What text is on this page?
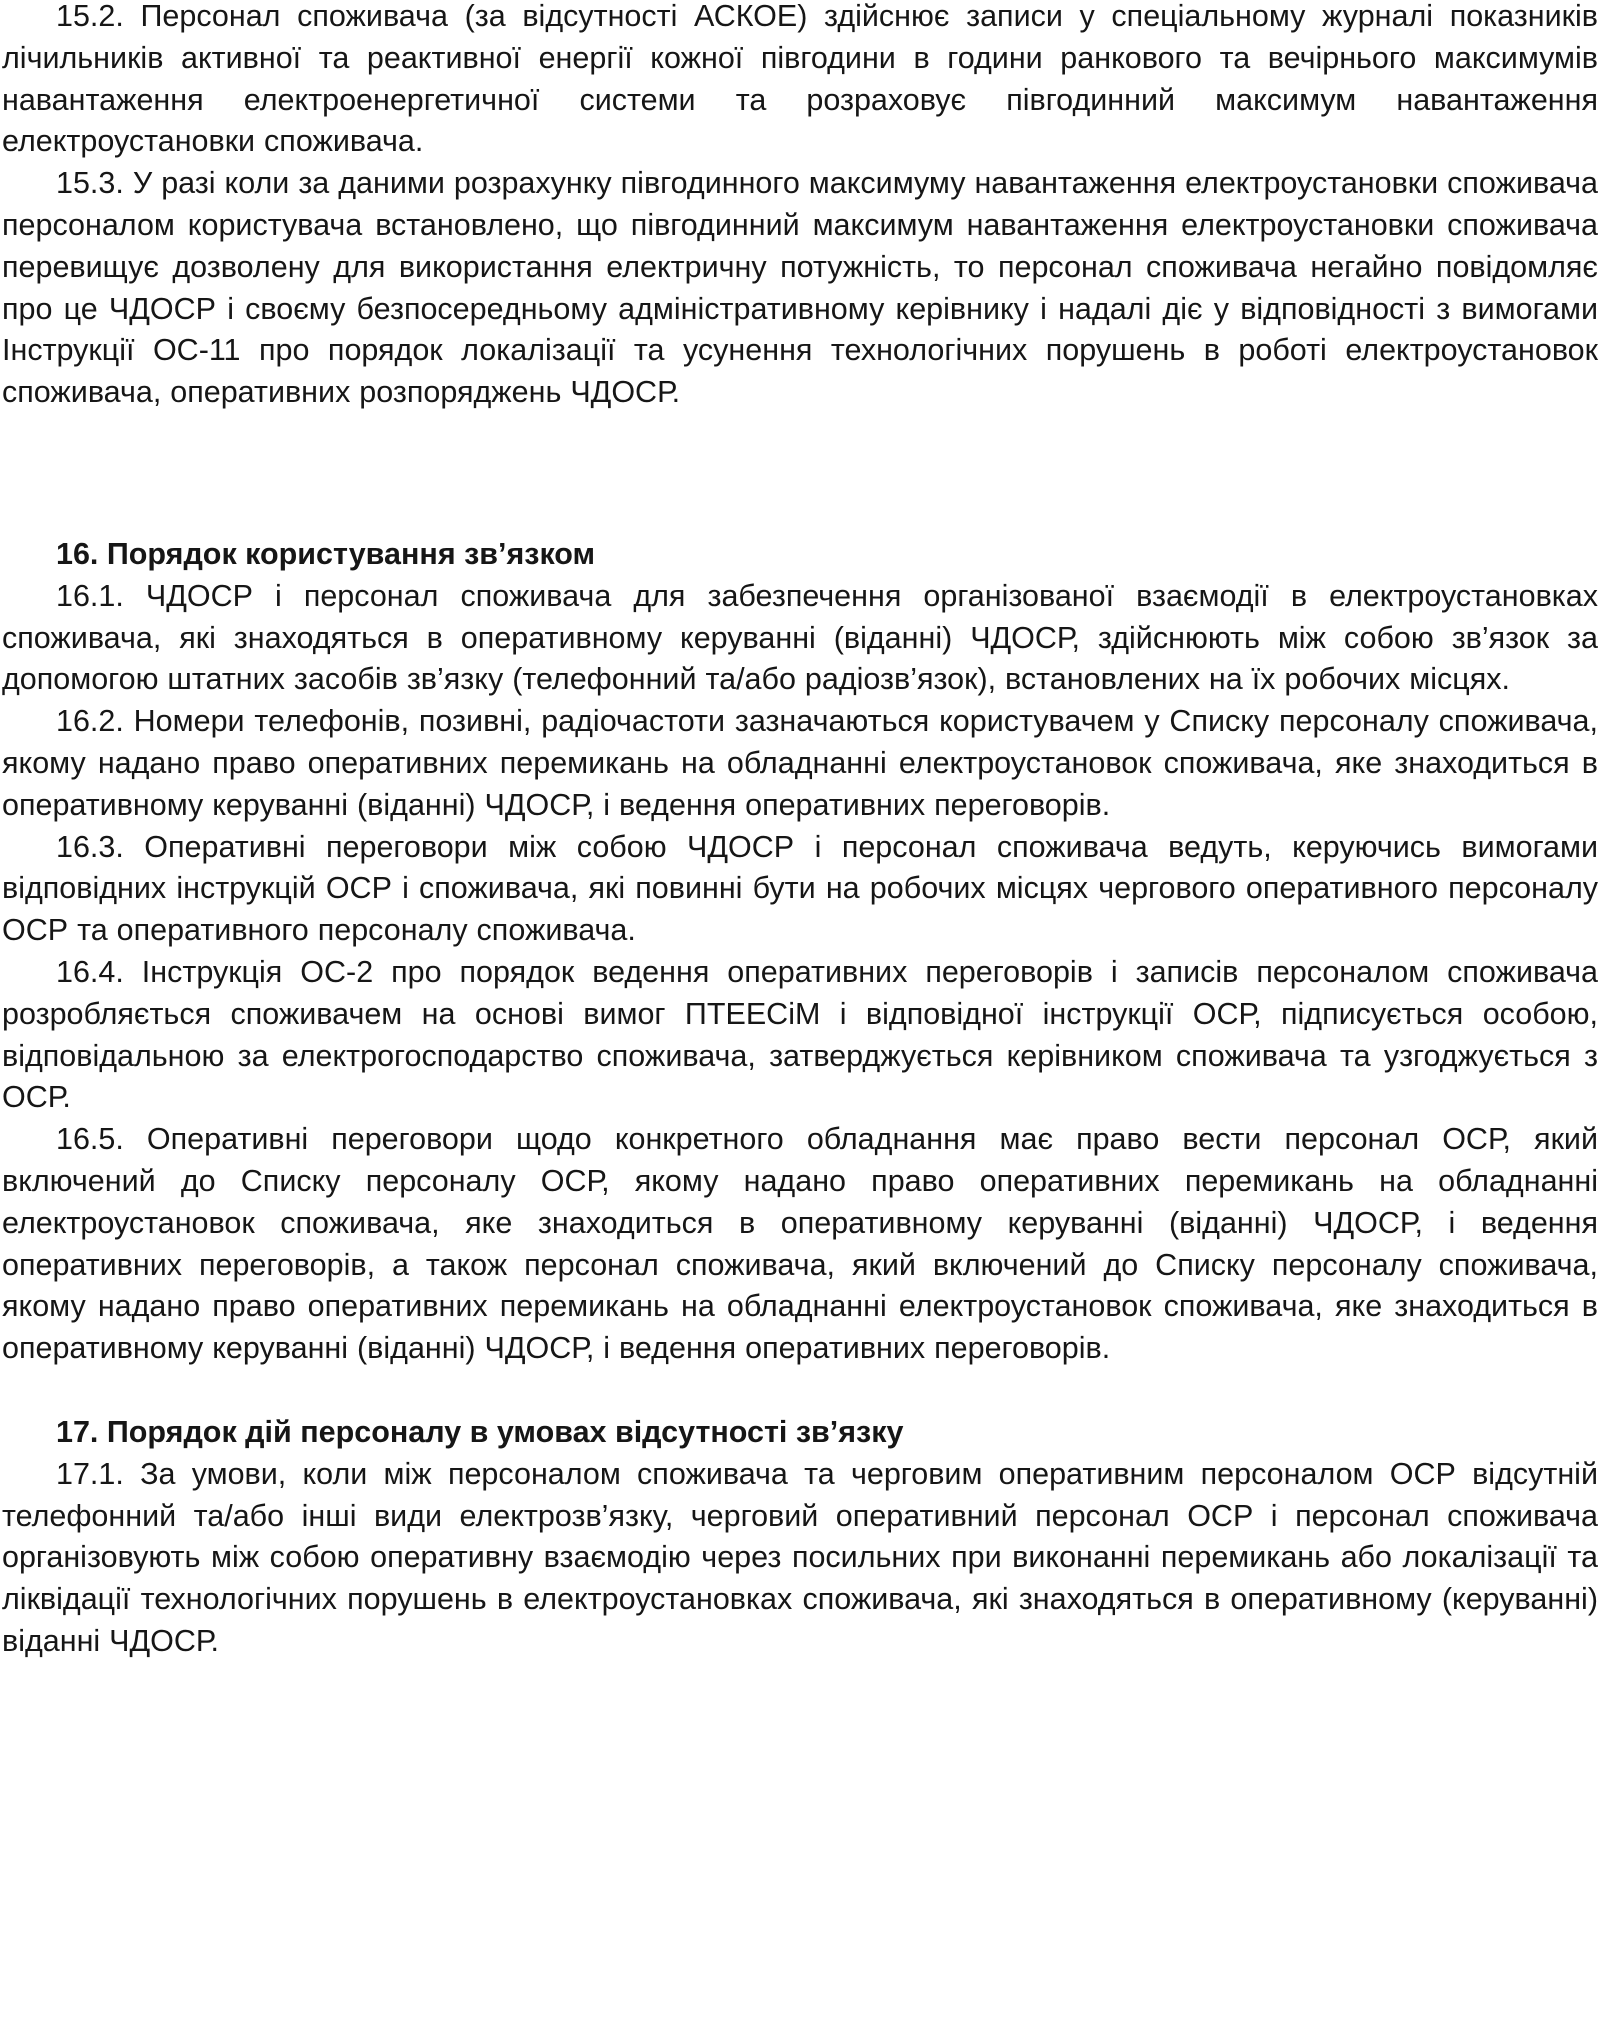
15.2. Персонал споживача (за відсутності АСКОЕ) здійснює записи у спеціальному журналі показників лічильників активної та реактивної енергії кожної півгодини в години ранкового та вечірнього максимумів навантаження електроенергетичної системи та розраховує півгодинний максимум навантаження електроустановки споживача.

15.3. У разі коли за даними розрахунку півгодинного максимуму навантаження електроустановки споживача персоналом користувача встановлено, що півгодинний максимум навантаження електроустановки споживача перевищує дозволену для використання електричну потужність, то персонал споживача негайно повідомляє про це ЧДОСР і своєму безпосередньому адміністративному керівнику і надалі діє у відповідності з вимогами Інструкції ОС-11 про порядок локалізації та усунення технологічних порушень в роботі електроустановок споживача, оперативних розпоряджень ЧДОСР.

16. Порядок користування зв’язком

16.1. ЧДОСР і персонал споживача для забезпечення організованої взаємодії в електроустановках споживача, які знаходяться в оперативному керуванні (віданні) ЧДОСР, здійснюють між собою зв’язок за допомогою штатних засобів зв’язку (телефонний та/або радіозв’язок), встановлених на їх робочих місцях.

16.2. Номери телефонів, позивні, радіочастоти зазначаються користувачем у Списку персоналу споживача, якому надано право оперативних перемикань на обладнанні електроустановок споживача, яке знаходиться в оперативному керуванні (віданні) ЧДОСР, і ведення оперативних переговорів.

16.3. Оперативні переговори між собою ЧДОСР і персонал споживача ведуть, керуючись вимогами відповідних інструкцій ОСР і споживача, які повинні бути на робочих місцях чергового оперативного персоналу ОСР та оперативного персоналу споживача.

16.4. Інструкція ОС-2 про порядок ведення оперативних переговорів і записів персоналом споживача розробляється споживачем на основі вимог ПТЕЕСіМ і відповідної інструкції ОСР, підписується особою, відповідальною за електрогосподарство споживача, затверджується керівником споживача та узгоджується з ОСР.

16.5. Оперативні переговори щодо конкретного обладнання має право вести персонал ОСР, який включений до Списку персоналу ОСР, якому надано право оперативних перемикань на обладнанні електроустановок споживача, яке знаходиться в оперативному керуванні (віданні) ЧДОСР, і ведення оперативних переговорів, а також персонал споживача, який включений до Списку персоналу споживача, якому надано право оперативних перемикань на обладнанні електроустановок споживача, яке знаходиться в оперативному керуванні (віданні) ЧДОСР, і ведення оперативних переговорів.

17. Порядок дій персоналу в умовах відсутності зв’язку

17.1. За умови, коли між персоналом споживача та черговим оперативним персоналом ОСР відсутній телефонний та/або інші види електрозв’язку, черговий оперативний персонал ОСР і персонал споживача організовують між собою оперативну взаємодію через посильних при виконанні перемикань або локалізації та ліквідації технологічних порушень в електроустановках споживача, які знаходяться в оперативному (керуванні) віданні ЧДОСР.
